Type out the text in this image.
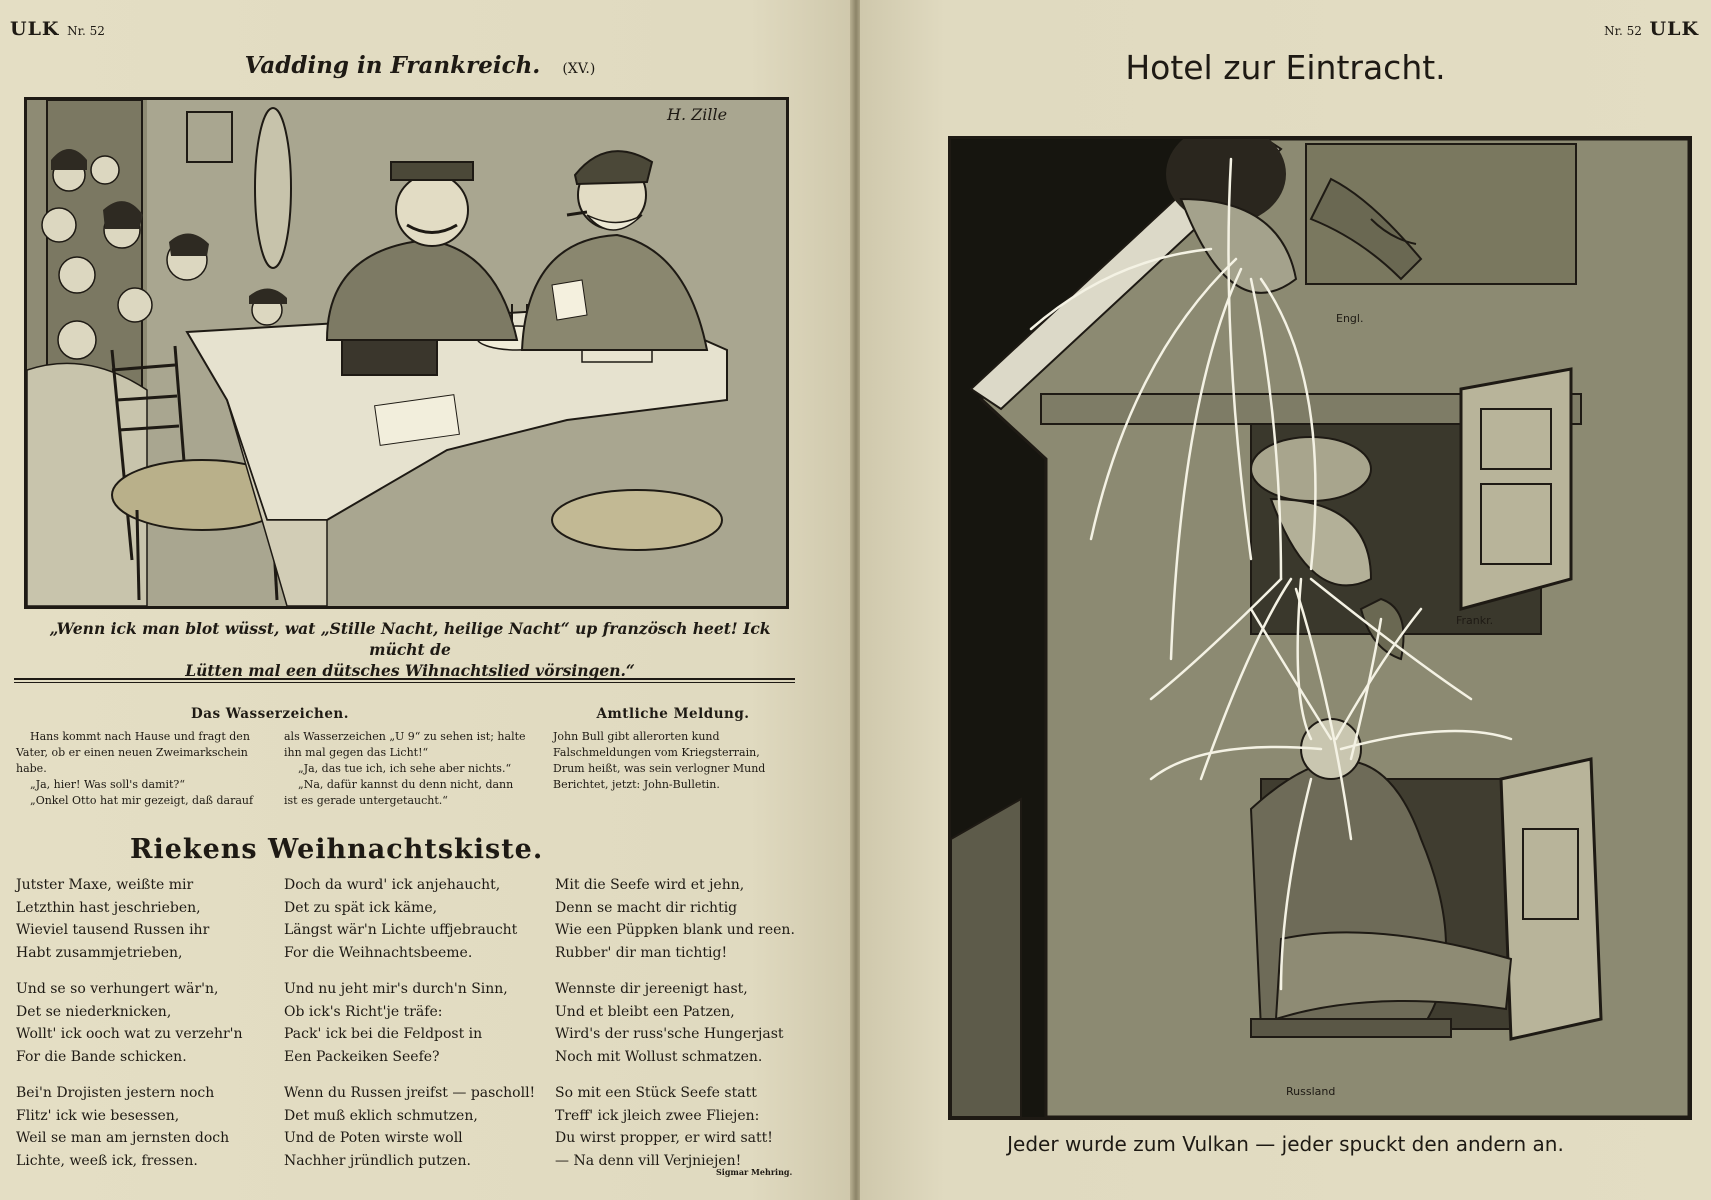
ULK Nr. 52
Vadding in Frankreich. (XV.)
H. Zille
„Wenn ick man blot wüsst, wat „Stille Nacht, heilige Nacht“ up französch heet! Ick mücht de
Lütten mal een dütsches Wihnachtslied vörsingen.“
Das Wasserzeichen.
Hans kommt nach Hause und fragt den
Vater, ob er einen neuen Zweimarkschein
habe.
„Ja, hier! Was soll's damit?“
„Onkel Otto hat mir gezeigt, daß darauf
als Wasserzeichen „U 9“ zu sehen ist; halte
ihn mal gegen das Licht!“
„Ja, das tue ich, ich sehe aber nichts.“
„Na, dafür kannst du denn nicht, dann
ist es gerade untergetaucht.“
Amtliche Meldung.
John Bull gibt allerorten kund
Falschmeldungen vom Kriegsterrain,
Drum heißt, was sein verlogner Mund
Berichtet, jetzt: John-Bulletin.
Riekens Weihnachtskiste.
Jutster Maxe, weißte mir
Letzthin hast jeschrieben,
Wieviel tausend Russen ihr
Habt zusammjetrieben,
Und se so verhungert wär'n,
Det se niederknicken,
Wollt' ick ooch wat zu verzehr'n
For die Bande schicken.
Bei'n Drojisten jestern noch
Flitz' ick wie besessen,
Weil se man am jernsten doch
Lichte, weeß ick, fressen.
Doch da wurd' ick anjehaucht,
Det zu spät ick käme,
Längst wär'n Lichte uffjebraucht
For die Weihnachtsbeeme.
Und nu jeht mir's durch'n Sinn,
Ob ick's Richt'je träfe:
Pack' ick bei die Feldpost in
Een Packeiken Seefe?
Wenn du Russen jreifst — pascholl!
Det muß eklich schmutzen,
Und de Poten wirste woll
Nachher jründlich putzen.
Mit die Seefe wird et jehn,
Denn se macht dir richtig
Wie een Püppken blank und reen.
Rubber' dir man tichtig!
Wennste dir jereenigt hast,
Und et bleibt een Patzen,
Wird's der russ'sche Hungerjast
Noch mit Wollust schmatzen.
So mit een Stück Seefe statt
Treff' ick jleich zwee Fliejen:
Du wirst propper, er wird satt!
— Na denn vill Verjniejen!
Sigmar Mehring.
Nr. 52 ULK
Hotel zur Eintracht.
Engl.
Frankr.
Russland
Jeder wurde zum Vulkan — jeder spuckt den andern an.
